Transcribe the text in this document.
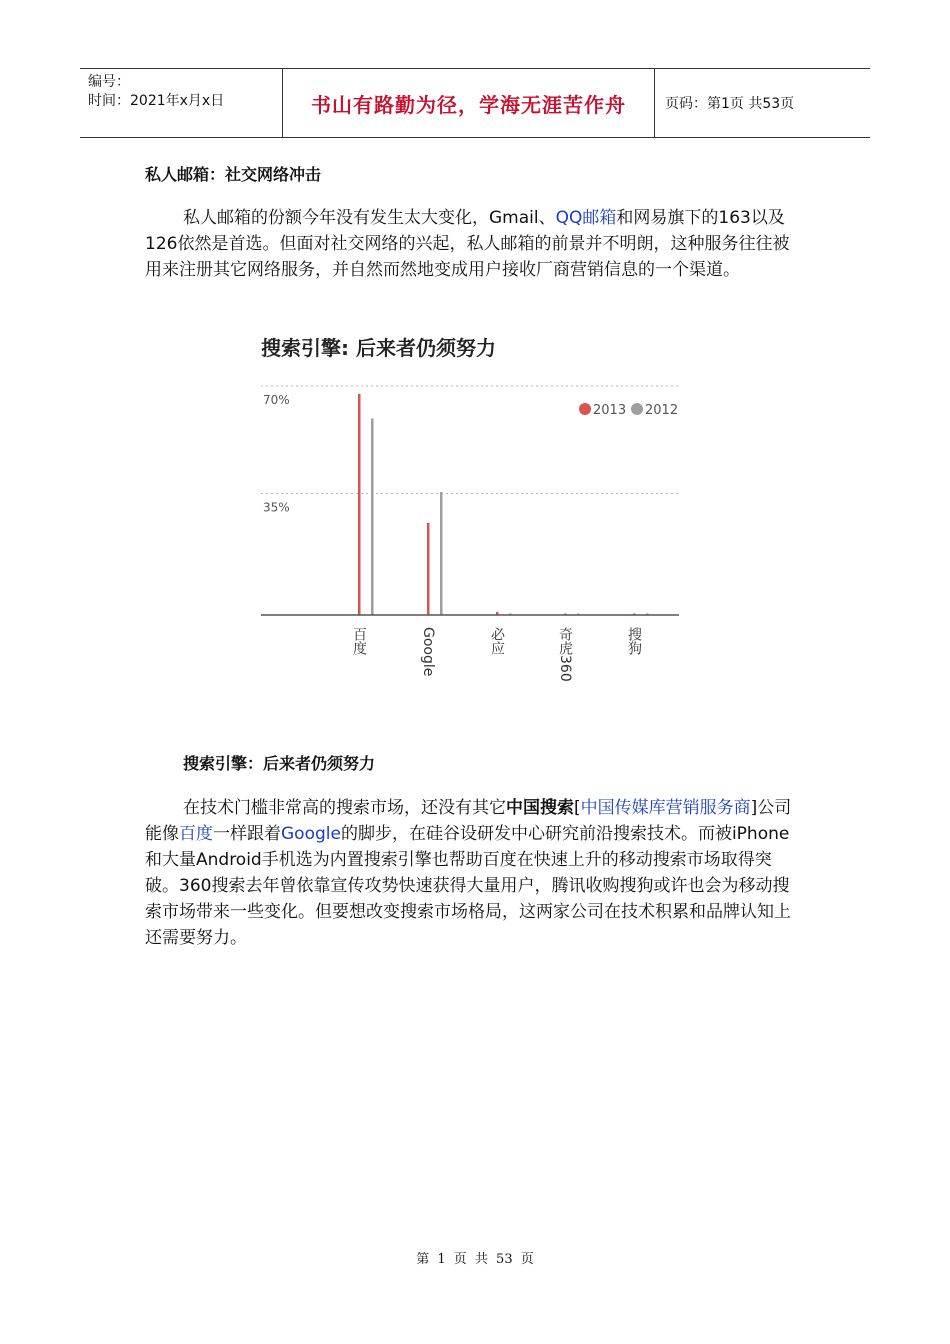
编号：
时间：2021年x月x日	书山有路勤为径，学海无涯苦作舟	页码：第1页 共53页
私人邮箱：社交网络冲击
私人邮箱的份额今年没有发生太大变化，Gmail、QQ邮箱和网易旗下的163以及126依然是首选。但面对社交网络的兴起，私人邮箱的前景并不明朗，这种服务往往被用来注册其它网络服务，并自然而然地变成用户接收厂商营销信息的一个渠道。
搜索引擎: 后来者仍须努力
70%
35%
百度	Google	必应	奇虎360	搜狗
2013 2012
搜索引擎：后来者仍须努力
在技术门槛非常高的搜索市场，还没有其它中国搜索[中国传媒库营销服务商]公司能像百度一样跟着Google的脚步，在硅谷设研发中心研究前沿搜索技术。而被iPhone和大量Android手机选为内置搜索引擎也帮助百度在快速上升的移动搜索市场取得突破。360搜索去年曾依靠宣传攻势快速获得大量用户，腾讯收购搜狗或许也会为移动搜索市场带来一些变化。但要想改变搜索市场格局，这两家公司在技术积累和品牌认知上还需要努力。
第 1 页 共 53 页
